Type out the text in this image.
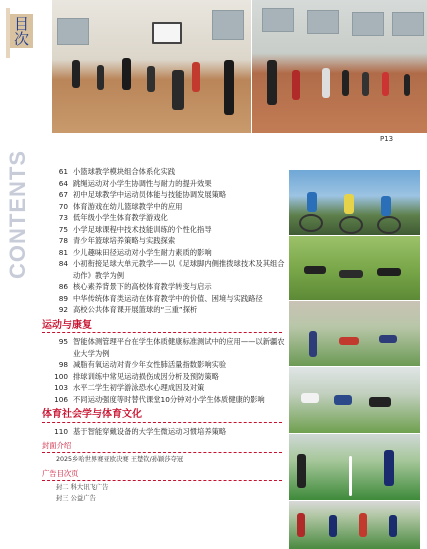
目次
CONTENTS
P13
61 小篮球教学模块组合体系化实践
64 跳绳运动对小学生协调性与耐力的提升效果
67 初中足球教学中运动员体能与技能协调发展策略
70 体育游戏在幼儿篮球教学中的应用
73 低年级小学生体育教学游戏化
75 小学足球课程中技术技能训练的个性化指导
78 青少年篮球培养策略与实践探索
81 少儿趣味田径运动对小学生耐力素质的影响
84 小初衔接足球大单元教学——以《足球脚内侧推拨球技术及其组合动作》教学为例
86 核心素养背景下的高校体育教学转变与启示
89 中华传统体育类运动在体育教学中的价值、困境与实践路径
92 高校公共体育课开展篮球的“三重”探析
运动与康复
95 智能体测管理平台在学生体质健康标准测试中的应用——以新疆农业大学为例
98 减脂有氧运动对青少年女性肺活量指数影响实验
100 排球训练中常见运动损伤成因分析及预防策略
103 水平二学生初学游泳恐水心理成因及对策
106 不同运动强度等时替代课堂10分钟对小学生体质健康的影响
体育社会学与体育文化
110 基于智能穿戴设备的大学生微运动习惯培养策略
封面介绍
2025乡哈世界赛亚欧决赛 王楚钦/孙颖莎夺冠
广告目次页
封二 科大讯飞广告
封三 公益广告
